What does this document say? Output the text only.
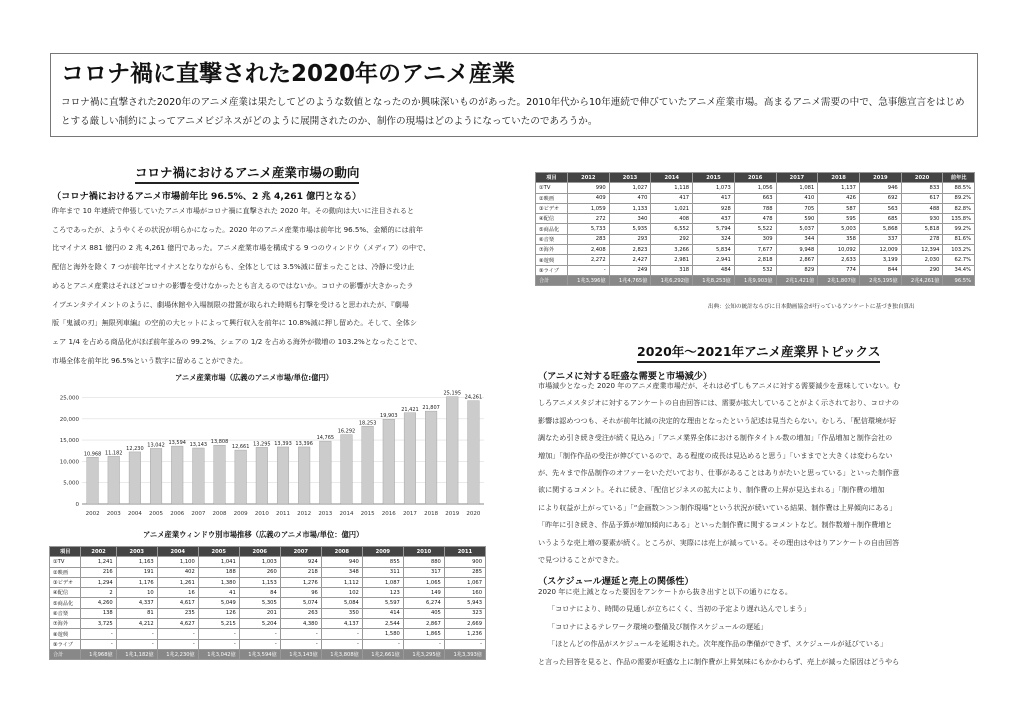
コロナ禍に直撃された2020年のアニメ産業

コロナ禍に直撃された2020年のアニメ産業は果たしてどのような数値となったのか興味深いものがあった。2010年代から10年連続で伸びていたアニメ産業市場。高まるアニメ需要の中で、急事態宣言をはじめとする厳しい制約によってアニメビジネスがどのように展開されたのか、制作の現場はどのようになっていたのであろうか。

コロナ禍におけるアニメ産業市場の動向
（コロナ禍におけるアニメ市場前年比 96.5%、2 兆 4,261 億円となる）

昨年まで 10 年連続で伸張していたアニメ市場がコロナ禍に直撃された 2020 年。その動向は大いに注目されると

ころであったが、ようやくその状況が明らかになった。2020 年のアニメ産業市場は前年比 96.5%、金額的には前年

比マイナス 881 億円の 2 兆 4,261 億円であった。アニメ産業市場を構成する 9 つのウィンドウ（メディア）の中で、

配信と海外を除く 7 つが前年比マイナスとなりながらも、全体としては 3.5%減に留まったことは、冷静に受け止

めるとアニメ産業はそれほどコロナの影響を受けなかったとも言えるのではないか。コロナの影響が大きかったラ

イブエンタテイメントのように、劇場休館や入場制限の措置が取られた時期も打撃を受けると思われたが、『劇場

版「鬼滅の刃」無限列車編』の空前の大ヒットによって興行収入を前年に 10.8%減に押し留めた。そして、全体シ

ェア 1/4 を占める商品化がほぼ前年並みの 99.2%、シェアの 1/2 を占める海外が微増の 103.2%となったことで、

市場全体を前年比 96.5%という数字に留めることができた。

アニメ産業市場（広義のアニメ市場/単位:億円）
0
5,000
10,000
15,000
20,000
25,000
10,968
2002
11,182
2003
12,230
2004
13,042
2005
13,594
2006
13,143
2007
13,808
2008
12,661
2009
13,295
2010
13,393
2011
13,396
2012
14,765
2013
16,292
2014
18,253
2015
19,903
2016
21,421
2017
21,807
2018
25,195
2019
24,261
2020
アニメ産業ウィンドウ別市場推移（広義のアニメ市場/単位：億円）
項目	2002	2003	2004	2005	2006	2007	2008	2009	2010	2011
①TV	1,241	1,163	1,100	1,041	1,003	924	940	855	880	900
②映画	216	191	402	188	260	218	348	311	317	285
③ビデオ	1,294	1,176	1,261	1,380	1,153	1,276	1,112	1,087	1,065	1,067
④配信	2	10	16	41	84	96	102	123	149	160
⑤商品化	4,260	4,337	4,617	5,049	5,305	5,074	5,084	5,597	6,274	5,943
⑥音楽	138	81	235	126	201	263	350	414	405	323
⑦海外	3,725	4,212	4,627	5,215	5,204	4,380	4,137	2,544	2,867	2,669
⑧遊興	-	-	-	-	-	-	-	1,580	1,865	1,236
⑨ライブ	-	-	-	-	-	-	-	-	-	-
合計	1兆968億	1兆1,182億	1兆2,230億	1兆3,042億	1兆3,594億	1兆3,143億	1兆3,808億	1兆2,661億	1兆3,295億	1兆3,393億
項目	2012	2013	2014	2015	2016	2017	2018	2019	2020	前年比
①TV	990	1,027	1,118	1,073	1,056	1,081	1,137	946	833	88.5%
②映画	409	470	417	417	663	410	426	692	617	89.2%
③ビデオ	1,059	1,133	1,021	928	788	705	587	563	488	82.8%
④配信	272	340	408	437	478	590	595	685	930	135.8%
⑤商品化	5,733	5,935	6,552	5,794	5,522	5,037	5,003	5,868	5,818	99.2%
⑥音楽	283	293	292	324	309	344	358	337	278	81.6%
⑦海外	2,408	2,823	3,266	5,834	7,677	9,948	10,092	12,009	12,394	103.2%
⑧遊興	2,272	2,427	2,981	2,941	2,818	2,867	2,633	3,199	2,030	62.7%
⑨ライブ	-	249	318	484	532	829	774	844	290	34.4%
合計	1兆3,396億	1兆4,765億	1兆6,292億	1兆8,253億	1兆9,903億	2兆1,421億	2兆1,807億	2兆5,195億	2兆4,261億	96.5%
出典：公知の統計ならびに日本動画協会が行っているアンケートに基づき独自算出
2020年～2021年アニメ産業界トピックス
（アニメに対する旺盛な需要と市場減少）

市場減少となった 2020 年のアニメ産業市場だが、それは必ずしもアニメに対する需要減少を意味していない。む

しろアニメスタジオに対するアンケートの自由回答には、需要が拡大していることがよく示されており、コロナの

影響は認めつつも、それが前年比減の決定的な理由となったという記述は見当たらない。むしろ、「配信環境が好

調なため引き続き受注が続く見込み」「アニメ業界全体における制作タイトル数の増加」「作品増加と制作会社の

増加」「制作作品の受注が伸びているので、ある程度の成長は見込めると思う」「いままでと大きくは変わらない

が、先々まで作品制作のオファーをいただいており、仕事があることはありがたいと思っている」といった制作意

欲に関するコメント。それに続き、「配信ビジネスの拡大により、制作費の上昇が見込まれる」「制作費の増加

により収益が上がっている」「“企画数＞＞＞制作現場”という状況が続いている結果、制作費は上昇傾向にある」

「昨年に引き続き、作品予算が増加傾向にある」といった制作費に関するコメントなど。制作数増＋制作費増と

いうような売上増の要素が続く。ところが、実際には売上が減っている。その理由はやはりアンケートの自由回答

で見つけることができた。

（スケジュール遅延と売上の関係性）

2020 年に売上減となった要因をアンケートから抜き出すと以下の通りになる。

「コロナにより、時間の見通しが立ちにくく、当初の予定より遅れ込んでしまう」

「コロナによるテレワーク環境の整備及び制作スケジュールの遅延」

「ほとんどの作品がスケジュールを延期された。次年度作品の準備ができず、スケジュールが延びている」

と言った回答を見ると、作品の需要が旺盛な上に制作費が上昇気味にもかかわらず、売上が減った原因はどうやら
